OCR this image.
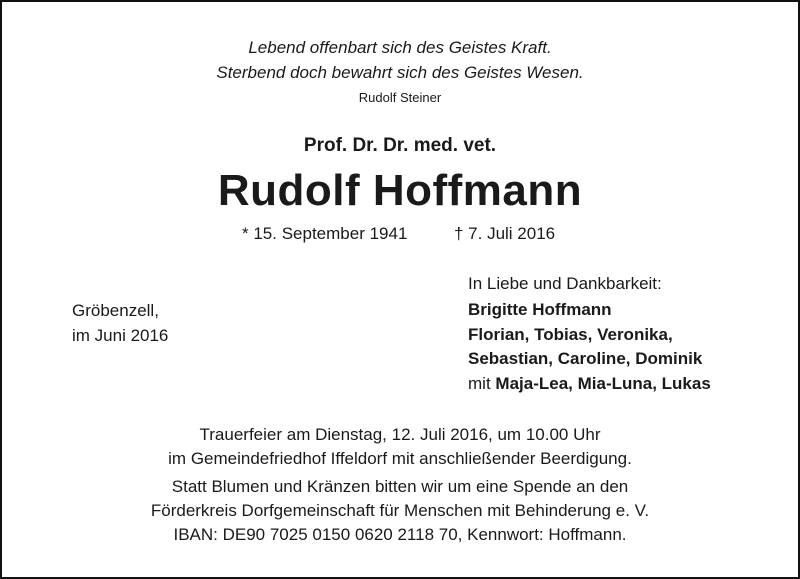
Lebend offenbart sich des Geistes Kraft.
Sterbend doch bewahrt sich des Geistes Wesen.
Rudolf Steiner
Prof. Dr. Dr. med. vet.
Rudolf Hoffmann
* 15. September 1941	† 7. Juli 2016
Gröbenzell,
im Juni 2016
In Liebe und Dankbarkeit:
Brigitte Hoffmann
Florian, Tobias, Veronika,
Sebastian, Caroline, Dominik
mit Maja-Lea, Mia-Luna, Lukas
Trauerfeier am Dienstag, 12. Juli 2016, um 10.00 Uhr
im Gemeindefriedhof Iffeldorf mit anschließender Beerdigung.
Statt Blumen und Kränzen bitten wir um eine Spende an den
Förderkreis Dorfgemeinschaft für Menschen mit Behinderung e. V.
IBAN: DE90 7025 0150 0620 2118 70, Kennwort: Hoffmann.
